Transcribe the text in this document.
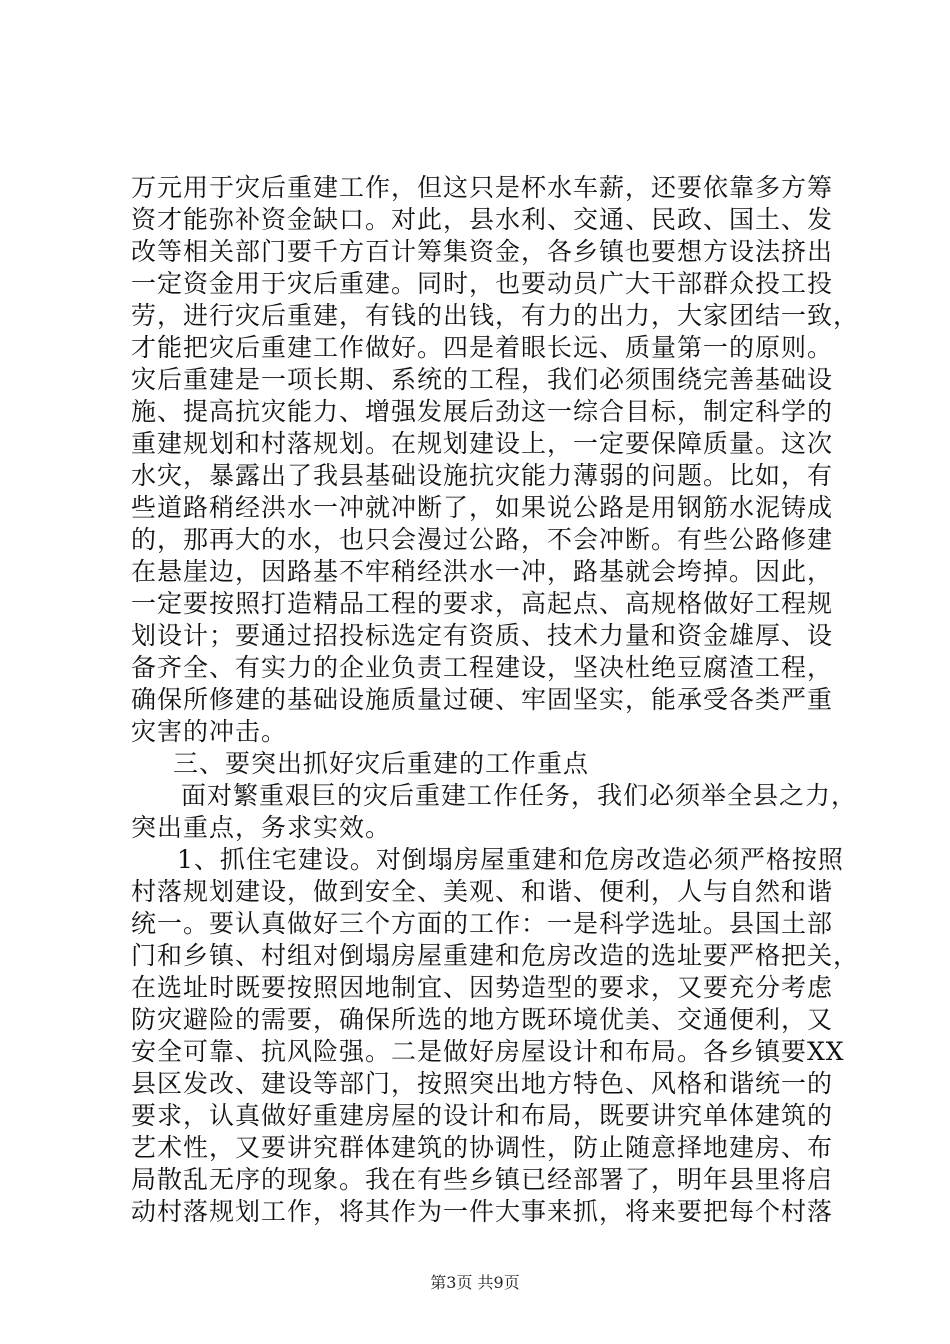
万元用于灾后重建工作，但这只是杯水车薪，还要依靠多方筹
资才能弥补资金缺口。对此，县水利、交通、民政、国土、发
改等相关部门要千方百计筹集资金，各乡镇也要想方设法挤出
一定资金用于灾后重建。同时，也要动员广大干部群众投工投
劳，进行灾后重建，有钱的出钱，有力的出力，大家团结一致，
才能把灾后重建工作做好。四是着眼长远、质量第一的原则。
灾后重建是一项长期、系统的工程，我们必须围绕完善基础设
施、提高抗灾能力、增强发展后劲这一综合目标，制定科学的
重建规划和村落规划。在规划建设上，一定要保障质量。这次
水灾，暴露出了我县基础设施抗灾能力薄弱的问题。比如，有
些道路稍经洪水一冲就冲断了，如果说公路是用钢筋水泥铸成
的，那再大的水，也只会漫过公路，不会冲断。有些公路修建
在悬崖边，因路基不牢稍经洪水一冲，路基就会垮掉。因此，
一定要按照打造精品工程的要求，高起点、高规格做好工程规
划设计；要通过招投标选定有资质、技术力量和资金雄厚、设
备齐全、有实力的企业负责工程建设，坚决杜绝豆腐渣工程，
确保所修建的基础设施质量过硬、牢固坚实，能承受各类严重
灾害的冲击。
三、要突出抓好灾后重建的工作重点
面对繁重艰巨的灾后重建工作任务，我们必须举全县之力，
突出重点，务求实效。
1、抓住宅建设。对倒塌房屋重建和危房改造必须严格按照
村落规划建设，做到安全、美观、和谐、便利，人与自然和谐
统一。要认真做好三个方面的工作：一是科学选址。县国土部
门和乡镇、村组对倒塌房屋重建和危房改造的选址要严格把关，
在选址时既要按照因地制宜、因势造型的要求，又要充分考虑
防灾避险的需要，确保所选的地方既环境优美、交通便利，又
安全可靠、抗风险强。二是做好房屋设计和布局。各乡镇要XX
县区发改、建设等部门，按照突出地方特色、风格和谐统一的
要求，认真做好重建房屋的设计和布局，既要讲究单体建筑的
艺术性，又要讲究群体建筑的协调性，防止随意择地建房、布
局散乱无序的现象。我在有些乡镇已经部署了，明年县里将启
动村落规划工作，将其作为一件大事来抓，将来要把每个村落
第3页 共9页
